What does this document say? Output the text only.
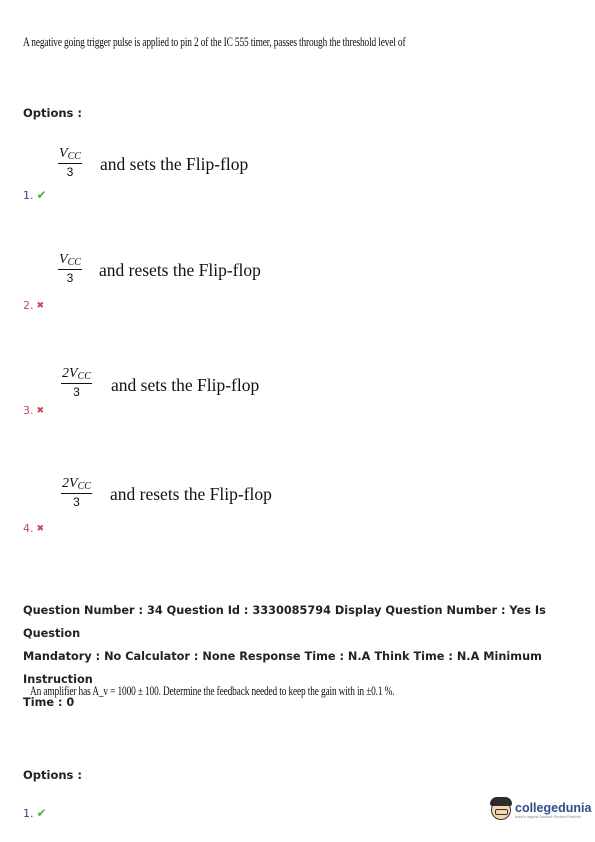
A negative going trigger pulse is applied to pin 2 of the IC 555 timer, passes through the threshold level of
Options :
$V_{CC}$
3	and sets the Flip-flop
1. ✔
$V_{CC}$
3	and resets the Flip-flop
2. ✖
$2V_{CC}$
3	and sets the Flip-flop
3. ✖
$2V_{CC}$
3	and resets the Flip-flop
4. ✖
Question Number : 34 Question Id : 3330085794 Display Question Number : Yes Is Question
Mandatory : No Calculator : None Response Time : N.A Think Time : N.A Minimum Instruction
Time : 0
An amplifier has A_v = 1000 ± 100. Determine the feedback needed to keep the gain with in ±0.1 %.
Options :
1. ✔	collegedunia
India's largest Student Review Platform
